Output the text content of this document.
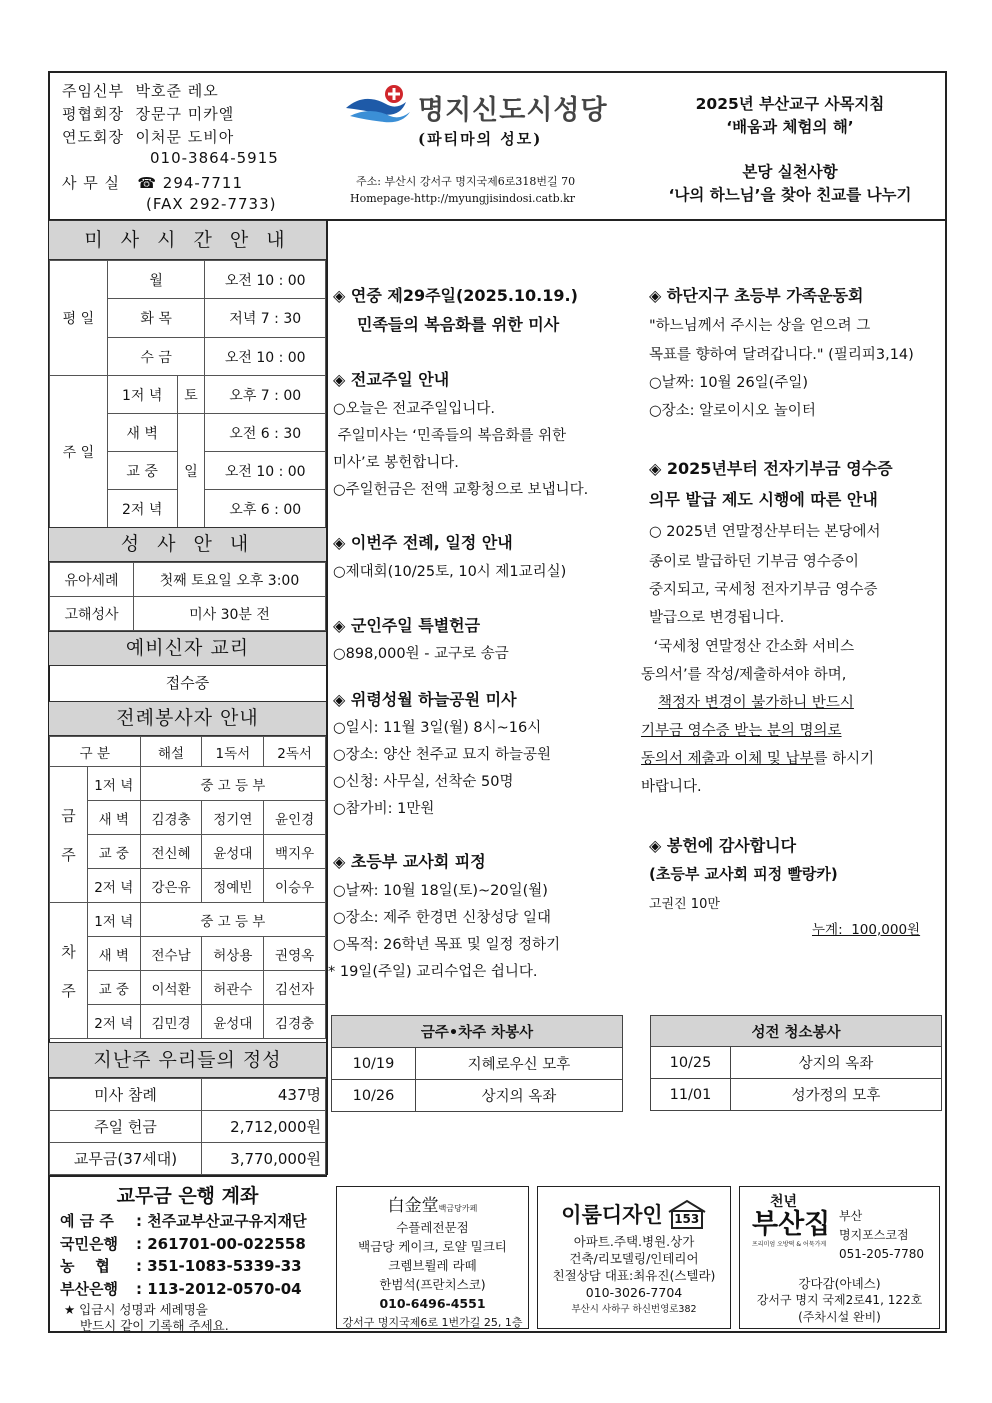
주임신부 박호준 레오
평협회장 장문구 미카엘
연도회장 이처문 도비아
010-3864-5915
사 무 실 ☎ 294-7711
(FAX 292-7733)
명지신도시성당
(파티마의 성모)
주소: 부산시 강서구 명지국제6로318번길 70
Homepage-http://myungjisindosi.catb.kr
2025년 부산교구 사목지침
‘배움과 체험의 해’
본당 실천사항
‘나의 하느님’을 찾아 친교를 나누기
미 사 시 간 안 내
평 일	월		오전 10 : 00
	화 목		저녁 7 : 30
	수 금		오전 10 : 00
주 일	1저 녁	토	오후 7 : 00
	새 벽	일	오전 6 : 30
	교 중		오전 10 : 00
	2저 녁		오후 6 : 00
성 사 안 내
유아세례	첫째 토요일 오후 3:00
고해성사	미사 30분 전
예비신자 교리
접수중
전례봉사자 안내
구 분		해설	1독서	2독서
금

주	1저 녁	중 고 등 부		
	새 벽	김경충	정기연	윤인경
	교 중	전신혜	윤성대	백지우
	2저 녁	강은유	정예빈	이승우
차

주	1저 녁	중 고 등 부		
	새 벽	전수남	허상용	권영옥
	교 중	이석환	허관수	김선자
	2저 녁	김민경	윤성대	김경충
지난주 우리들의 정성
미사 참례	437명
주일 헌금	2,712,000원
교무금(37세대)	3,770,000원
교무금 은행 계좌
예 금 주 : 천주교부산교구유지재단
국민은행 : 261701-00-022558
농    협 : 351-1083-5339-33
부산은행 : 113-2012-0570-04
★ 입금시 성명과 세례명을
반드시 같이 기록해 주세요.
◈ 연중 제29주일(2025.10.19.)
민족들의 복음화를 위한 미사
◈ 전교주일 안내
○오늘은 전교주일입니다.
주일미사는 ‘민족들의 복음화를 위한
미사’로 봉헌합니다.
○주일헌금은 전액 교황청으로 보냅니다.
◈ 이번주 전례, 일정 안내
○제대회(10/25토, 10시 제1교리실)
◈ 군인주일 특별헌금
○898,000원 - 교구로 송금
◈ 위령성월 하늘공원 미사
○일시: 11월 3일(월) 8시~16시
○장소: 양산 천주교 묘지 하늘공원
○신청: 사무실, 선착순 50명
○참가비: 1만원
◈ 초등부 교사회 피정
○날짜: 10월 18일(토)~20일(월)
○장소: 제주 한경면 신창성당 일대
○목적: 26학년 목표 및 일정 정하기
* 19일(주일) 교리수업은 쉽니다.
◈ 하단지구 초등부 가족운동회
"하느님께서 주시는 상을 얻으려 그
목표를 향하여 달려갑니다." (필리피3,14)
○날짜: 10월 26일(주일)
○장소: 알로이시오 놀이터
◈ 2025년부터 전자기부금 영수증
의무 발급 제도 시행에 따른 안내
○ 2025년 연말정산부터는 본당에서
종이로 발급하던 기부금 영수증이
중지되고, 국세청 전자기부금 영수증
발급으로 변경됩니다.
‘국세청 연말정산 간소화 서비스
동의서’를 작성/제출하셔야 하며,
책정자 변경이 불가하니 반드시
기부금 영수증 받는 분의 명의로
동의서 제출과 이체 및 납부를 하시기
바랍니다.
◈ 봉헌에 감사합니다
(초등부 교사회 피정 빨랑카)
고권진 10만
누계:  100,000원
금주•차주 차봉사	
10/19	지혜로우신 모후
10/26	상지의 옥좌
성전 청소봉사	
10/25	상지의 옥좌
11/01	성가정의 모후
白金堂백금당카페
수플레전문점
백금당 케이크, 로얄 밀크티
크렘브륄레 라떼
한범석(프란치스코)
010-6496-4551
강서구 명지국제6로 1번가길 25, 1층
이룸디자인 153
아파트.주택.병원.상가
건축/리모델링/인테리어
친절상담 대표:최유진(스텔라)
010-3026-7704
부산시 사하구 하신번영로382
천년
부산집
프리미엄 오방떡 & 어묵가게
부산
명지포스코점
051-205-7780
강다감(아녜스)
강서구 명지 국제2로41, 122호
(주차시설 완비)
